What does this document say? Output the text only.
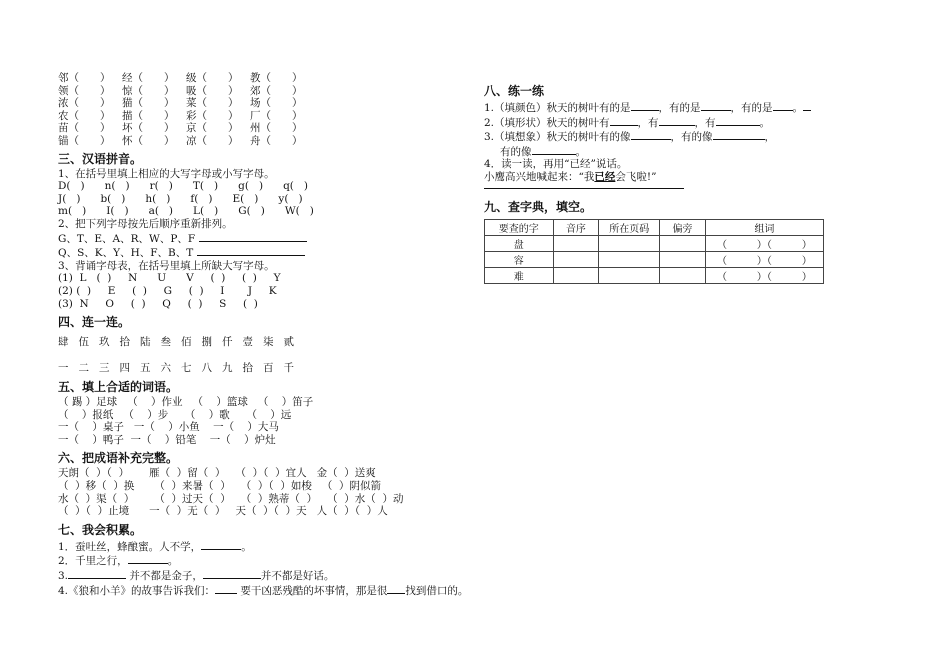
邻（　　）	经（　　）	级（　　）	教（　　）
领（　　）	惊（　　）	吸（　　）	郊（　　）
浓（　　）	猫（　　）	菜（　　）	场（　　）
农（　　）	描（　　）	彩（　　）	厂（　　）
苗（　　）	坏（　　）	京（　　）	州（　　）
锚（　　）	怀（　　）	凉（　　）	舟（　　）
三、汉语拼音。
1、在括号里填上相应的大写字母或小写字母。
D(   )      n(   )      r(   )      T(   )      g(   )      q(   )
J(   )      b(   )      h(   )      f(   )      E(   )      y(   )
m(   )      I(   )      a(   )      L(   )      G(   )      W(   )
2、把下列字母按先后顺序重新排列。
G、T、E、A、R、W、P、F
Q、S、K、Y、H、F、B、T
3、背诵字母表，在括号里填上所缺大写字母。
(1)  L   (  )     N      U      V     (  )     (  )     Y
(2) (  )     E     (  )     G     (  )     I       J     K
(3)  N     O     (  )     Q     (  )     S     (  )
四、连一连。
肆 伍 玖 拾 陆 叁 佰 捌 仟 壹 柒 贰
一 二 三 四 五 六 七 八 九 拾 百 千
五、填上合适的词语。
（ 踢 ）足球   （    ）作业   （    ）篮球   （    ）笛子
（    ）报纸   （    ）步     （    ）歌     （    ）远
一（    ）桌子   一（    ）小鱼    一（    ）大马
一（    ）鸭子  一（    ）铅笔    一（    ）炉灶
六、把成语补充完整。
天朗（  ）（  ）      雁（  ）留（  ）   （  ）（  ）宜人   金（  ）送爽
（  ）移（  ）换      （  ）来暑（  ）   （  ）（  ）如梭   （  ）阴似箭
水（  ）渠（  ）      （  ）过天（  ）   （  ）熟蒂（  ）   （  ）水（  ）动
（  ）（  ）止境      一（  ）无（  ）   天（  ）（  ）天   人（  ）（  ）人
七、我会积累。
1．蚕吐丝，蜂酿蜜。人不学，	。
2．千里之行，	。
3.	并不都是金子，	并不都是好话。
4.《狼和小羊》的故事告诉我们： 要干凶恶残酷的坏事情，那是很 找到借口的。
八、练一练
1.（填颜色）秋天的树叶有的是	，有的是	，有的是 。
2.（填形状）秋天的树叶有	，有	，有	。
3.（填想象）秋天的树叶有的像	，有的像	，
有的像	。
4．读一读，再用“已经”说话。
小鹰高兴地喊起来：“我已经会飞啦!”
九、查字典，填空。
要查的字	音序	所在页码	偏旁	组词
盘				（　　　）（　　　）
容				（　　　）（　　　）
难				（　　　）（　　　）
